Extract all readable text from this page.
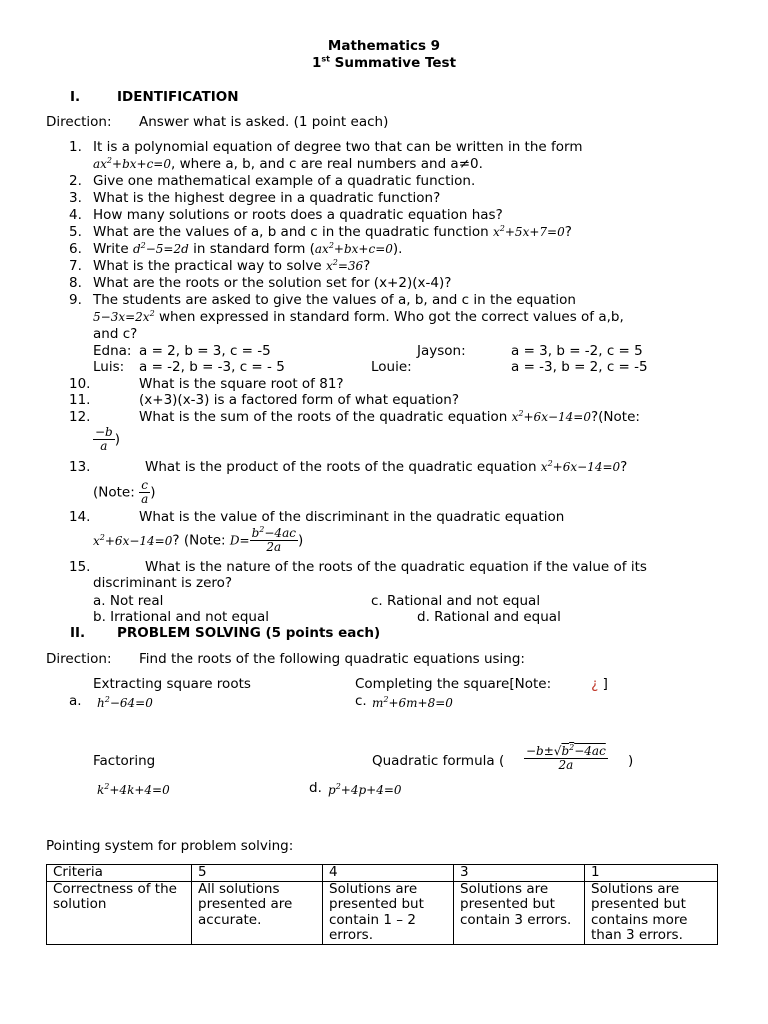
Mathematics 9
1st Summative Test
I.	IDENTIFICATION
Direction: Answer what is asked. (1 point each)
1. It is a polynomial equation of degree two that can be written in the form
$ax^2+bx+c=0$, where a, b, and c are real numbers and a≠0.
2. Give one mathematical example of a quadratic function.
3. What is the highest degree in a quadratic function?
4. How many solutions or roots does a quadratic equation has?
5. What are the values of a, b and c in the quadratic function $x^2+5x+7=0$?
6. Write $d^2-5=2d$ in standard form $(ax^2+bx+c=0)$.
7. What is the practical way to solve $x^2=36$?
8. What are the roots or the solution set for (x+2)(x-4)?
9. The students are asked to give the values of a, b, and c in the equation
$5-3x=2x^2$ when expressed in standard form. Who got the correct values of a,b,
and c?
Edna: a = 2, b = 3, c = -5	Jayson:	a = 3, b = -2, c = 5
Luis: a = -2, b = -3, c = - 5	Louie:	a = -3, b = 2, c = -5
10.	What is the square root of 81?
11.	(x+3)(x-3) is a factored form of what equation?
12.	What is the sum of the roots of the quadratic equation $x^2+6x-14=0?(Note$:
$\frac{-b}{a}$ )
13.	What is the product of the roots of the quadratic equation $x^2+6x-14=0$?
(Note: $\frac{c}{a}$ )
14.	What is the value of the discriminant in the quadratic equation
$x^2+6x-14=0$? (Note: $D= \frac{b^2-4ac}{2a}$ )
15.	What is the nature of the roots of the quadratic equation if the value of its
discriminant is zero?
a. Not real	c. Rational and not equal
b. Irrational and not equal	d. Rational and equal
II. PROBLEM SOLVING (5 points each)
Direction: Find the roots of the following quadratic equations using:
Extracting square roots	Completing the square[Note:	¿ ]
a. $h^2-64=0$	c. $m^2+6m+8=0$
Factoring	Quadratic formula ( $\frac{-b\pm√b^2-4ac}{2a}$ )
$k^2+4k+4=0$	d. $p^2+4p+4=0$
Pointing system for problem solving:
Criteria	5	4	3	1
Correctness of the solution	All solutions presented are accurate.	Solutions are presented but contain 1 – 2 errors.	Solutions are presented but contain 3 errors.	Solutions are presented but contains more than 3 errors.
